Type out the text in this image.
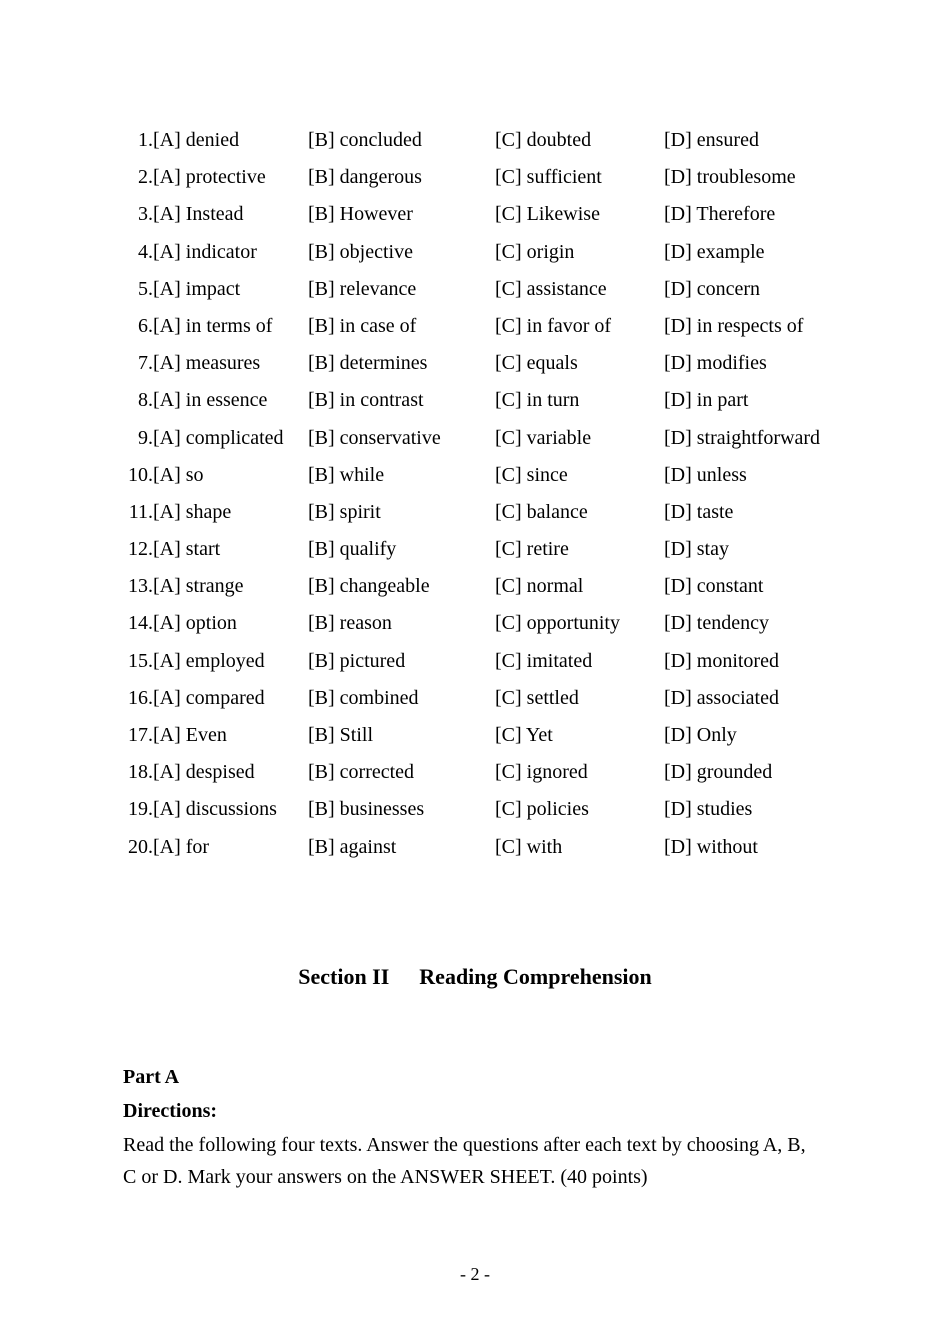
1. [A] denied	[B] concluded	[C] doubted	[D] ensured
2. [A] protective [B] dangerous	[C] sufficient	[D] troublesome
3. [A] Instead	[B] However	[C] Likewise	[D] Therefore
4. [A] indicator	[B] objective	[C] origin	[D] example
5. [A] impact	[B] relevance	[C] assistance	[D] concern
6. [A] in terms of [B] in case of	[C] in favor of	[D] in respects of
7. [A] measures [B] determines	[C] equals	[D] modifies
8. [A] in essence [B] in contrast	[C] in turn	[D] in part
9. [A] complicated [B] conservative	[C] variable	[D] straightforward
10. [A] so	[B] while	[C] since	[D] unless
11. [A] shape	[B] spirit	[C] balance	[D] taste
12. [A] start	[B] qualify	[C] retire	[D] stay
13. [A] strange	[B] changeable	[C] normal	[D] constant
14. [A] option	[B] reason	[C] opportunity [D] tendency
15. [A] employed [B] pictured	[C] imitated	[D] monitored
16. [A] compared [B] combined	[C] settled	[D] associated
17. [A] Even	[B] Still	[C] Yet	[D] Only
18. [A] despised	[B] corrected	[C] ignored	[D] grounded
19. [A] discussions [B] businesses	[C] policies	[D] studies
20. [A] for	[B] against	[C] with	[D] without
Section II Reading Comprehension
Part A
Directions:

Read the following four texts. Answer the questions after each text by choosing A, B, C or D. Mark your answers on the ANSWER SHEET. (40 points)

- 2 -
